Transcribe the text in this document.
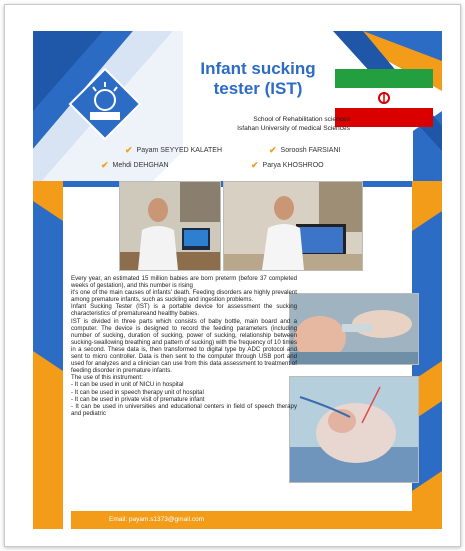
Infant sucking
tester (IST)
School of Rehabilitation sciences
Isfahan University of medical Sciences
✔ Payam SEYYED KALATEH	✔ Soroosh FARSIANI
✔ Mehdi DEHGHAN	✔ Parya KHOSHROO

Every year, an estimated 15 million babies are born preterm (before 37 completed weeks of gestation), and this number is rising

it's one of the main causes of infants' death. Feeding disorders are highly prevalent among premature infants, such as suckling and ingestion problems.

Infant Sucking Tester (IST) is a portable device for assessment the sucking characteristics of prematureand healthy babies.

IST is divided in three parts which consists of baby bottle, main board and a computer. The device is designed to record the feeding parameters (including number of sucking, duration of sucking, power of sucking, relationship between sucking-swallowing breathing and pattern of sucking) with the frequency of 10 times in a second. These data is, then transformed to digital type by ADC protocol and sent to micro controller. Data is then sent to the computer through USB port and used for analyzes and a clinician can use from this data assessment to treatment of feeding disorder in premature infants.

The use of this instrument:

- It can be used in unit of NICU in hospital

- It can be used in speech therapy unit of hospital

- It can be used in private visit of premature infant

- It can be used in universities and educational centers in field of speech therapy and pediatric

Email: payam.s1373@gmail.com
